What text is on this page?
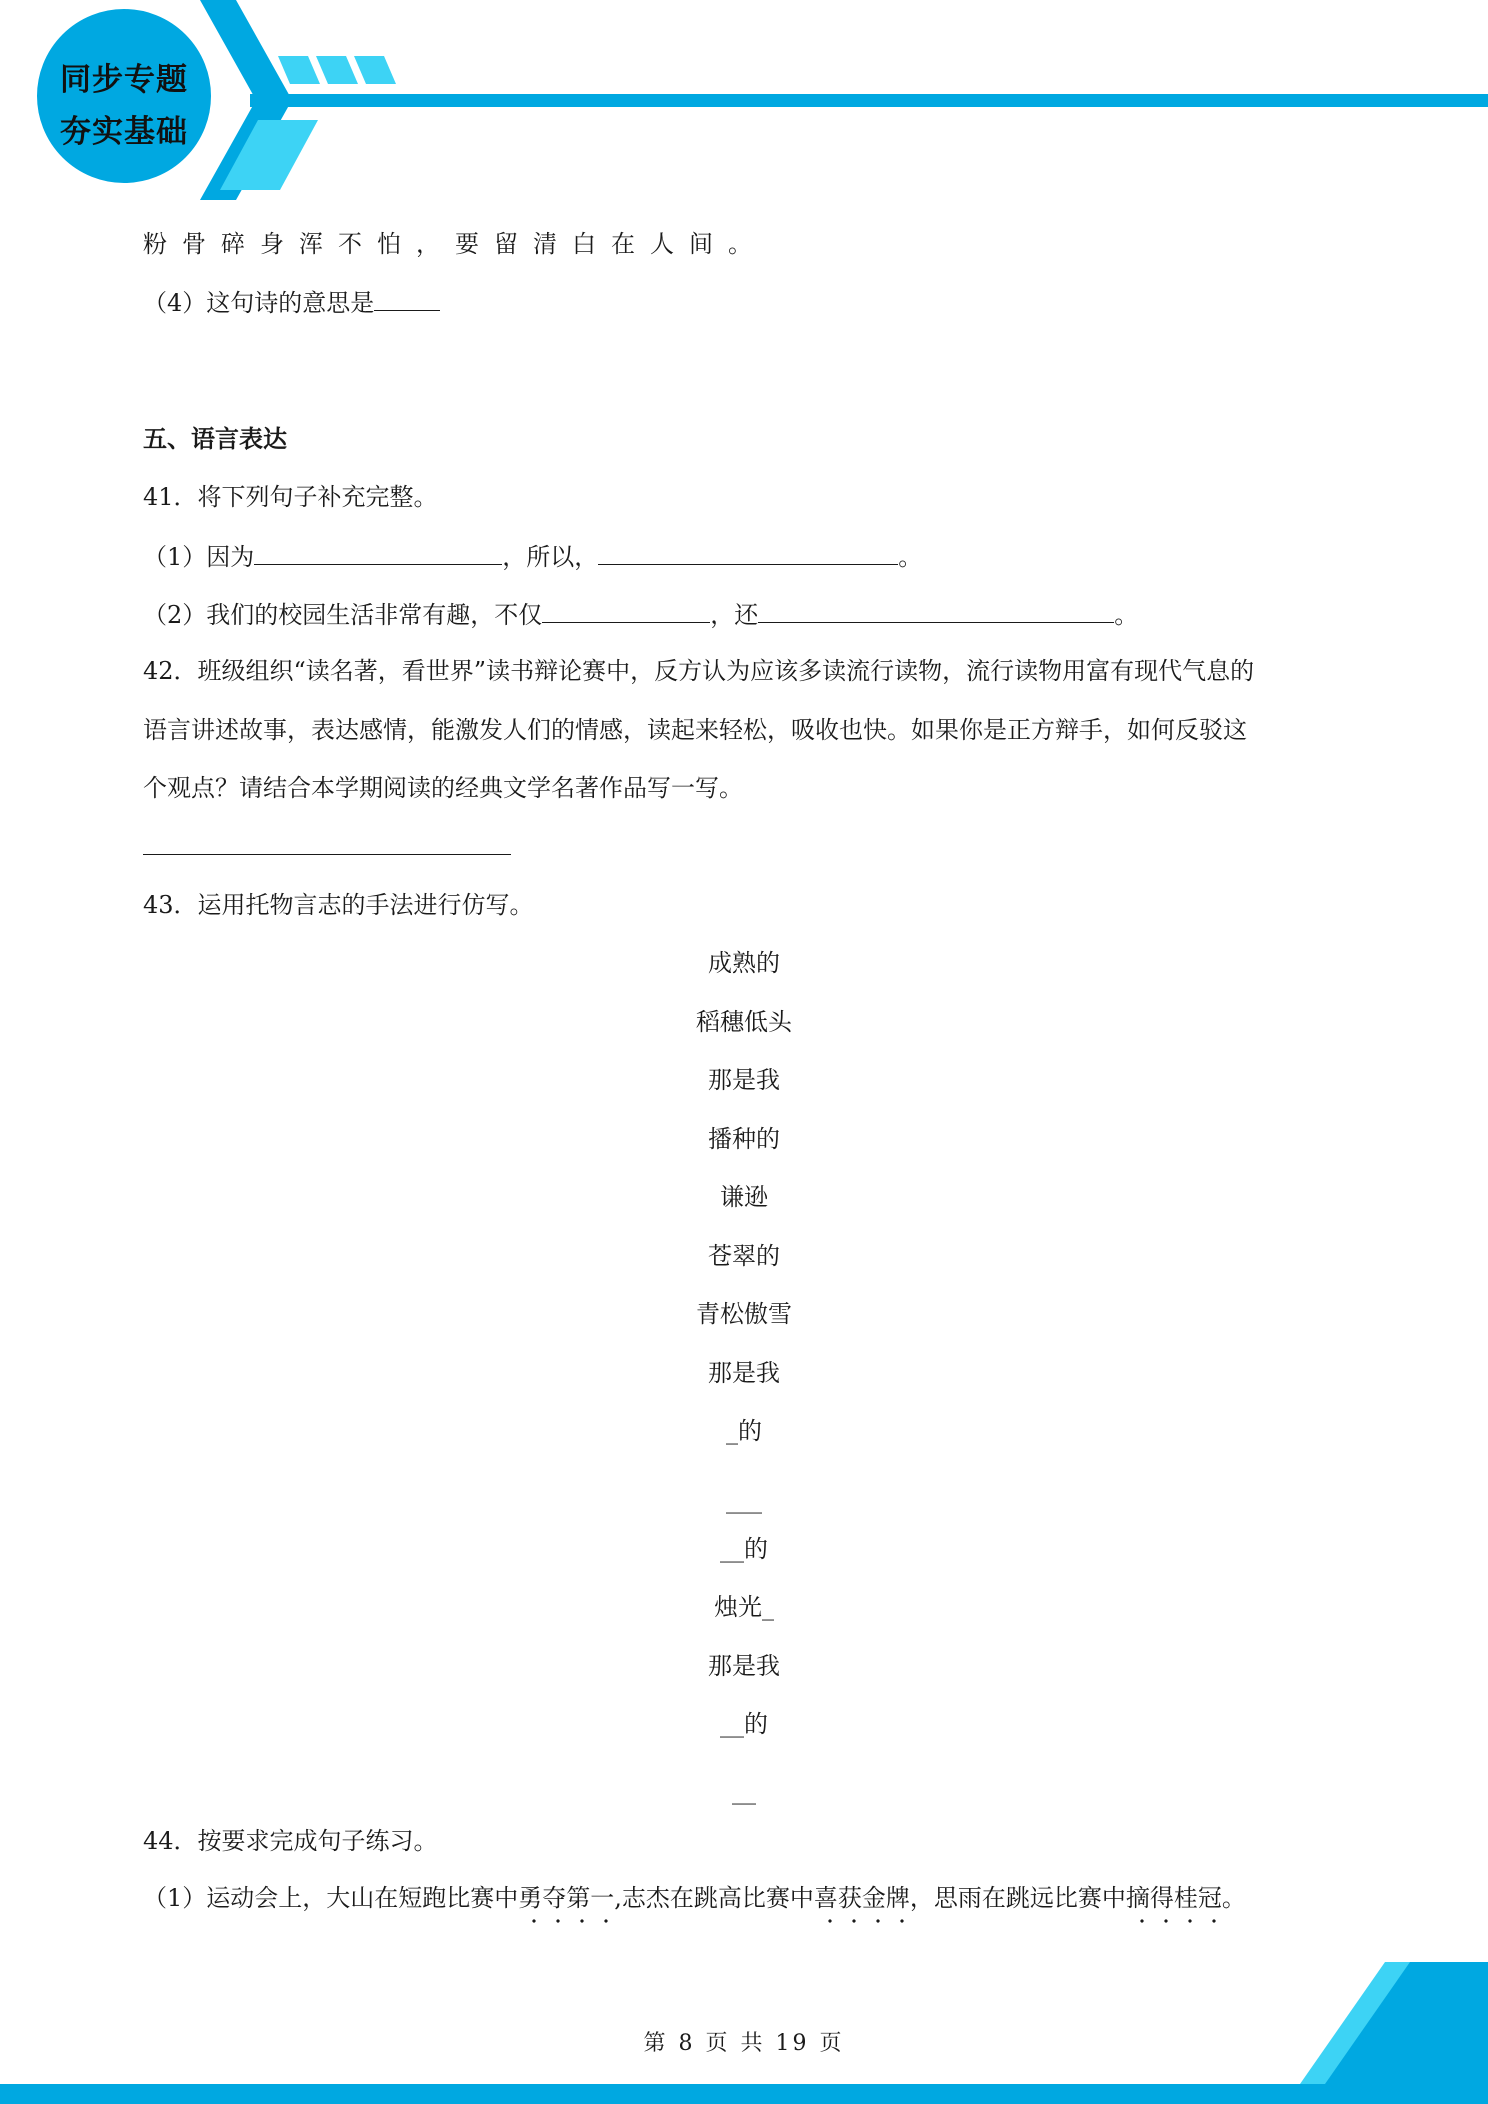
同步专题
夯实基础
粉骨碎身浑不怕，要留清白在人间。
（4）这句诗的意思是
五、语言表达
41．将下列句子补充完整。
（1）因为	，所以，	。
（2）我们的校园生活非常有趣，不仅	，还	。
42．班级组织“读名著，看世界”读书辩论赛中，反方认为应该多读流行读物，流行读物用富有现代气息的
语言讲述故事，表达感情，能激发人们的情感，读起来轻松，吸收也快。如果你是正方辩手，如何反驳这
个观点？请结合本学期阅读的经典文学名著作品写一写。
43．运用托物言志的手法进行仿写。
成熟的
稻穗低头
那是我
播种的
谦逊
苍翠的
青松傲雪
那是我
_的
___
__的
烛光_
那是我
__的
__
44．按要求完成句子练习。
（1）运动会上，大山在短跑比赛中勇夺第一,志杰在跳高比赛中喜获金牌，思雨在跳远比赛中摘得桂冠。
第 8 页 共 19 页
